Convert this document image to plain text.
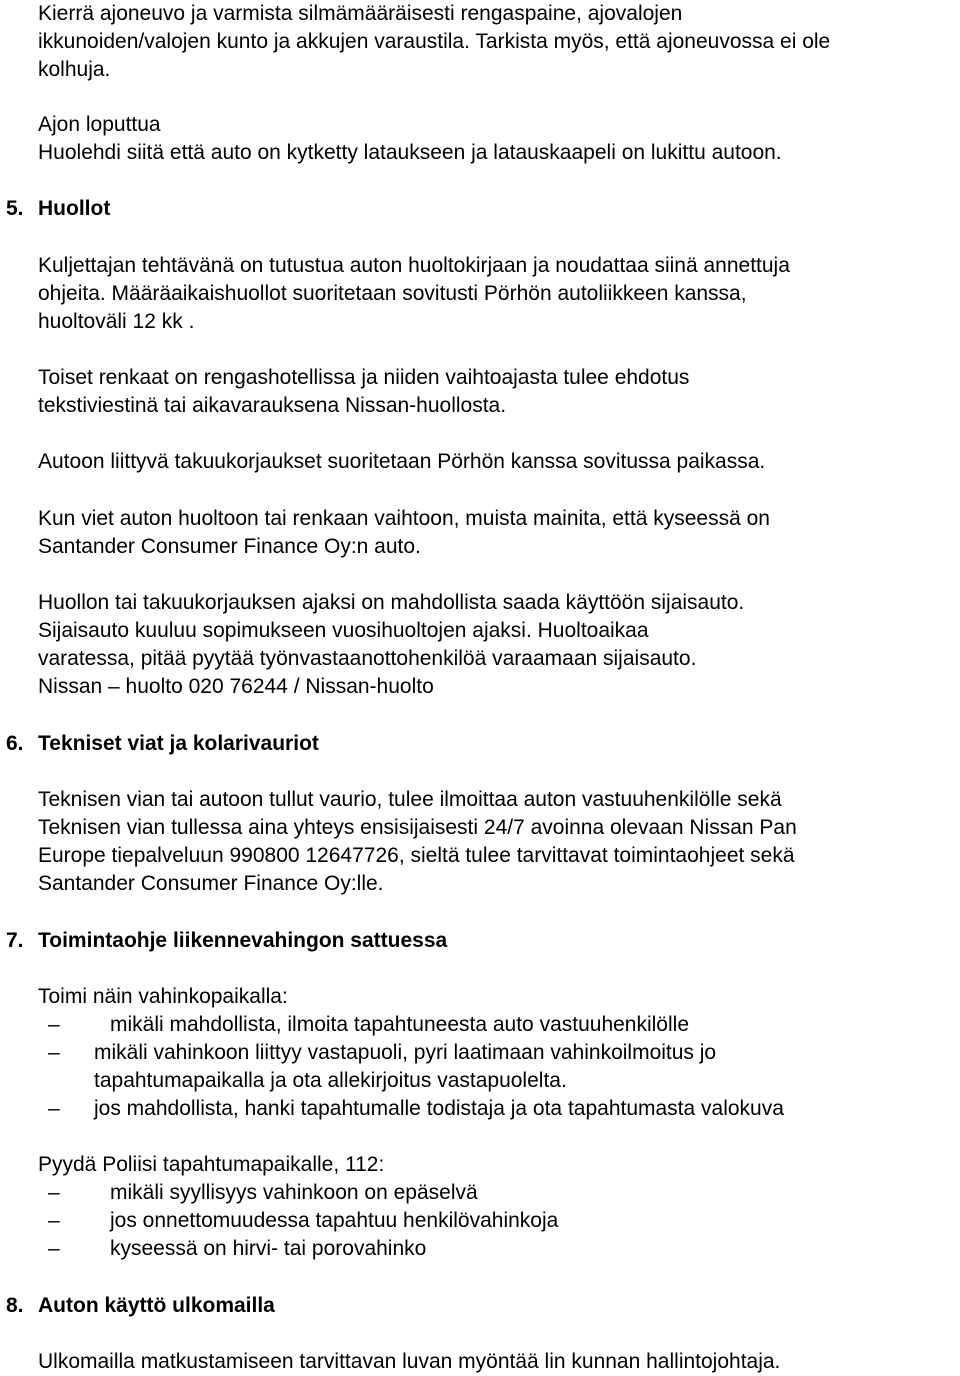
Kierrä ajoneuvo ja varmista silmämääräisesti rengaspaine, ajovalojen
ikkunoiden/valojen kunto ja akkujen varaustila. Tarkista myös, että ajoneuvossa ei ole
kolhuja.
Ajon loputtua
Huolehdi siitä että auto on kytketty lataukseen ja latauskaapeli on lukittu autoon.
5. Huollot
Kuljettajan tehtävänä on tutustua auton huoltokirjaan ja noudattaa siinä annettuja
ohjeita. Määräaikaishuollot suoritetaan sovitusti Pörhön autoliikkeen kanssa,
huoltoväli 12 kk .
Toiset renkaat on rengashotellissa ja niiden vaihtoajasta tulee ehdotus
tekstiviestinä tai aikavarauksena Nissan-huollosta.
Autoon liittyvä takuukorjaukset suoritetaan Pörhön kanssa sovitussa paikassa.
Kun viet auton huoltoon tai renkaan vaihtoon, muista mainita, että kyseessä on
Santander Consumer Finance Oy:n auto.
Huollon tai takuukorjauksen ajaksi on mahdollista saada käyttöön sijaisauto.
Sijaisauto kuuluu sopimukseen vuosihuoltojen ajaksi. Huoltoaikaa
varatessa, pitää pyytää työnvastaanottohenkilöä varaamaan sijaisauto.
Nissan – huolto 020 76244 / Nissan-huolto
6. Tekniset viat ja kolarivauriot
Teknisen vian tai autoon tullut vaurio, tulee ilmoittaa auton vastuuhenkilölle sekä
Teknisen vian tullessa aina yhteys ensisijaisesti 24/7 avoinna olevaan Nissan Pan
Europe tiepalveluun 990800 12647726, sieltä tulee tarvittavat toimintaohjeet sekä
Santander Consumer Finance Oy:lle.
7. Toimintaohje liikennevahingon sattuessa
Toimi näin vahinkopaikalla:
–	mikäli mahdollista, ilmoita tapahtuneesta auto vastuuhenkilölle
–	mikäli vahinkoon liittyy vastapuoli, pyri laatimaan vahinkoilmoitus jo
tapahtumapaikalla ja ota allekirjoitus vastapuolelta.
–	jos mahdollista, hanki tapahtumalle todistaja ja ota tapahtumasta valokuva
Pyydä Poliisi tapahtumapaikalle, 112:
–	mikäli syyllisyys vahinkoon on epäselvä
–	jos onnettomuudessa tapahtuu henkilövahinkoja
–	kyseessä on hirvi- tai porovahinko
8. Auton käyttö ulkomailla
Ulkomailla matkustamiseen tarvittavan luvan myöntää lin kunnan hallintojohtaja.
